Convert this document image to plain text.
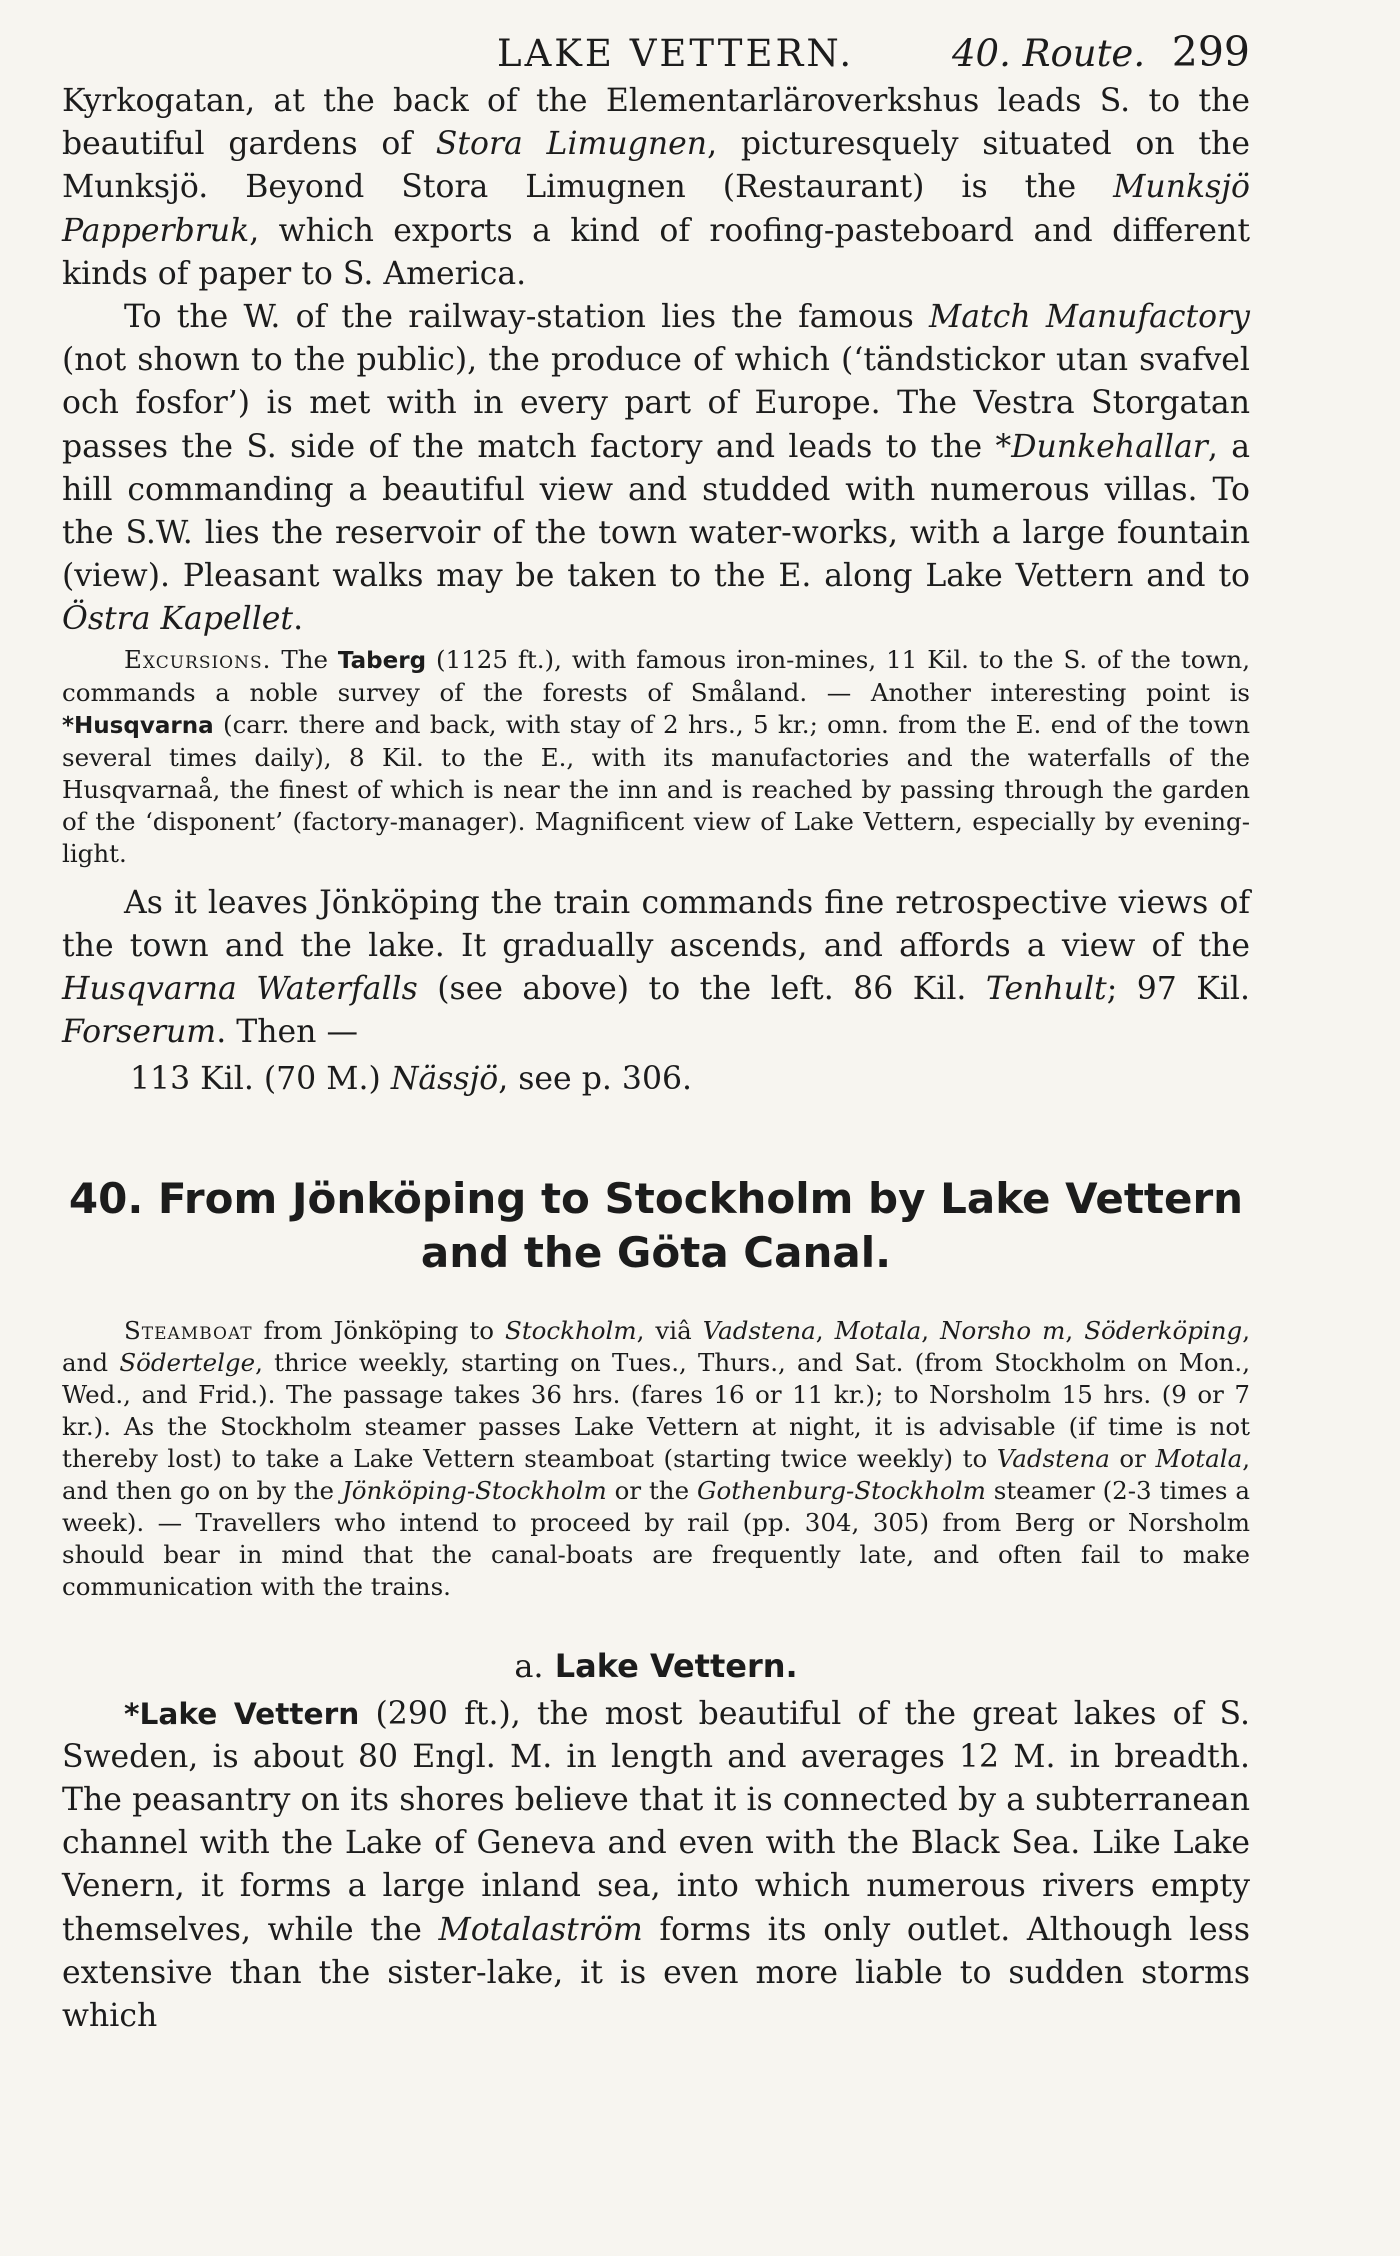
LAKE VETTERN.	40. Route. 299

Kyrkogatan, at the back of the Elementarläroverkshus leads S. to the beautiful gardens of Stora Limugnen, picturesquely situated on the Munksjö. Beyond Stora Limugnen (Restaurant) is the Munksjö Papperbruk, which exports a kind of roofing-pasteboard and different kinds of paper to S. America.

To the W. of the railway-station lies the famous Match Manufactory (not shown to the public), the produce of which (‘tändstickor utan svafvel och fosfor’) is met with in every part of Europe. The Vestra Storgatan passes the S. side of the match factory and leads to the *Dunkehallar, a hill commanding a beautiful view and studded with numerous villas. To the S.W. lies the reservoir of the town water-works, with a large fountain (view). Pleasant walks may be taken to the E. along Lake Vettern and to Östra Kapellet.

Excursions. The Taberg (1125 ft.), with famous iron-mines, 11 Kil. to the S. of the town, commands a noble survey of the forests of Småland. — Another interesting point is *Husqvarna (carr. there and back, with stay of 2 hrs., 5 kr.; omn. from the E. end of the town several times daily), 8 Kil. to the E., with its manufactories and the waterfalls of the Husqvarnaå, the finest of which is near the inn and is reached by passing through the garden of the ‘disponent’ (factory-manager). Magnificent view of Lake Vettern, especially by evening-light.

As it leaves Jönköping the train commands fine retrospective views of the town and the lake. It gradually ascends, and affords a view of the Husqvarna Waterfalls (see above) to the left. 86 Kil. Tenhult; 97 Kil. Forserum. Then —

113 Kil. (70 M.) Nässjö, see p. 306.

40. From Jönköping to Stockholm by Lake Vettern and the Göta Canal.

Steamboat from Jönköping to Stockholm, viâ Vadstena, Motala, Norsho m, Söderköping, and Södertelge, thrice weekly, starting on Tues., Thurs., and Sat. (from Stockholm on Mon., Wed., and Frid.). The passage takes 36 hrs. (fares 16 or 11 kr.); to Norsholm 15 hrs. (9 or 7 kr.). As the Stockholm steamer passes Lake Vettern at night, it is advisable (if time is not thereby lost) to take a Lake Vettern steamboat (starting twice weekly) to Vadstena or Motala, and then go on by the Jönköping-Stockholm or the Gothenburg-Stockholm steamer (2-3 times a week). — Travellers who intend to proceed by rail (pp. 304, 305) from Berg or Norsholm should bear in mind that the canal-boats are frequently late, and often fail to make communication with the trains.

a. Lake Vettern.

*Lake Vettern (290 ft.), the most beautiful of the great lakes of S. Sweden, is about 80 Engl. M. in length and averages 12 M. in breadth. The peasantry on its shores believe that it is connected by a subterranean channel with the Lake of Geneva and even with the Black Sea. Like Lake Venern, it forms a large inland sea, into which numerous rivers empty themselves, while the Motalaström forms its only outlet. Although less extensive than the sister-lake, it is even more liable to sudden storms which
